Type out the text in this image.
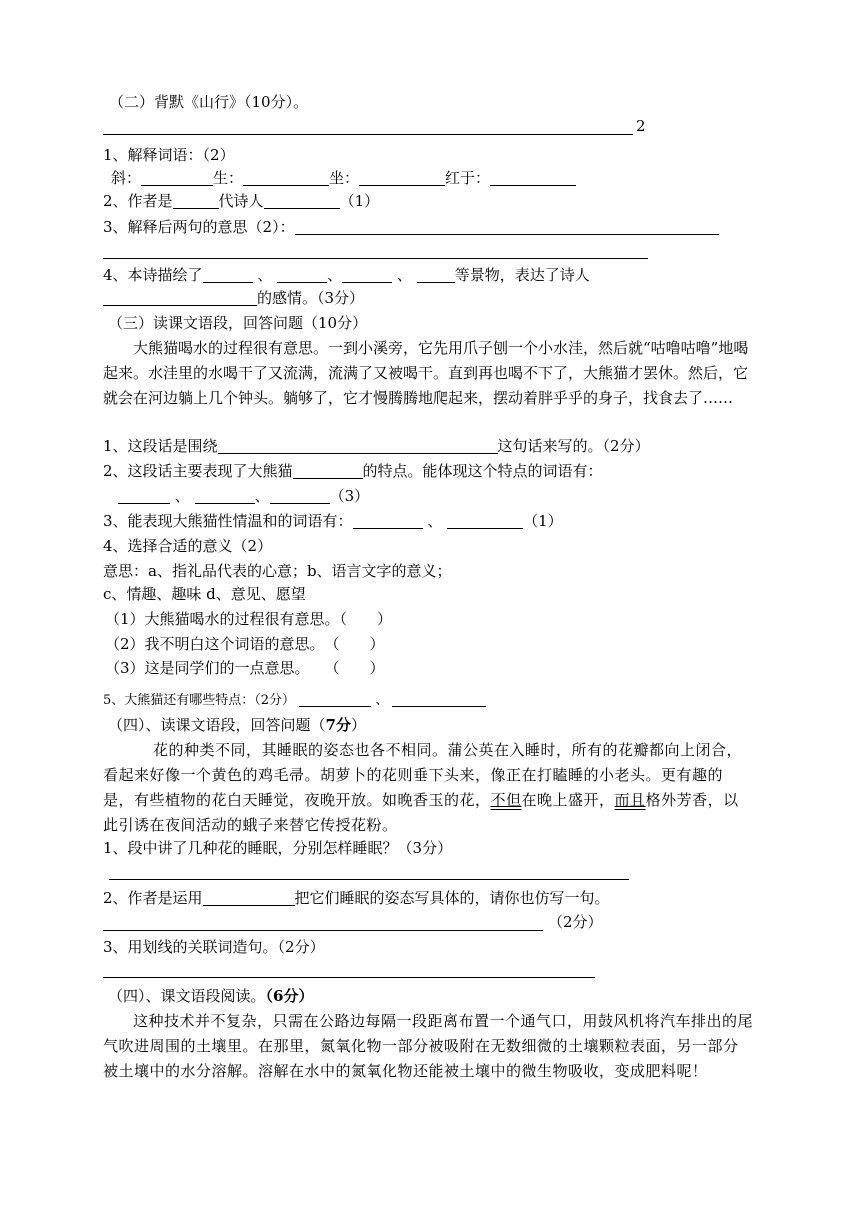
（二）背默《山行》（10分）。
2
1、解释词语：（2）
斜：	生：	坐：	红于：
2、作者是	代诗人	（1）
3、解释后两句的意思（2）：
4、本诗描绘了	、	、	、	等景物，表达了诗人
的感情。（3分）
（三）读课文语段，回答问题（10分）
大熊猫喝水的过程很有意思。一到小溪旁，它先用爪子刨一个小水洼，然后就“咕噜咕噜”地喝起来。水洼里的水喝干了又流满，流满了又被喝干。直到再也喝不下了，大熊猫才罢休。然后，它就会在河边躺上几个钟头。躺够了，它才慢腾腾地爬起来，摆动着胖乎乎的身子，找食去了……
1、这段话是围绕	这句话来写的。（2分）
2、这段话主要表现了大熊猫	的特点。能体现这个特点的词语有：
、	、	（3）
3、能表现大熊猫性情温和的词语有：	、	（1）
4、选择合适的意义（2）
意思：a、指礼品代表的心意；b、语言文字的意义；
c、情趣、趣味 d、意见、愿望
（1）大熊猫喝水的过程很有意思。（　　）
（2）我不明白这个词语的意思。　（　　）
（3）这是同学们的一点意思。　　（　　）
5、大熊猫还有哪些特点：（2分）	、
（四）、读课文语段，回答问题（7分）
花的种类不同，其睡眠的姿态也各不相同。蒲公英在入睡时，所有的花瓣都向上闭合，看起来好像一个黄色的鸡毛帚。胡萝卜的花则垂下头来，像正在打瞌睡的小老头。更有趣的是，有些植物的花白天睡觉，夜晚开放。如晚香玉的花，不但在晚上盛开，而且格外芳香，以此引诱在夜间活动的蛾子来替它传授花粉。
1、段中讲了几种花的睡眠，分别怎样睡眠？（3分）
2、作者是运用	把它们睡眠的姿态写具体的，请你也仿写一句。
（2分）
3、用划线的关联词造句。（2分）
（四）、课文语段阅读。（6分）
这种技术并不复杂，只需在公路边每隔一段距离布置一个通气口，用鼓风机将汽车排出的尾气吹进周围的土壤里。在那里，氮氧化物一部分被吸附在无数细微的土壤颗粒表面，另一部分被土壤中的水分溶解。溶解在水中的氮氧化物还能被土壤中的微生物吸收，变成肥料呢！
